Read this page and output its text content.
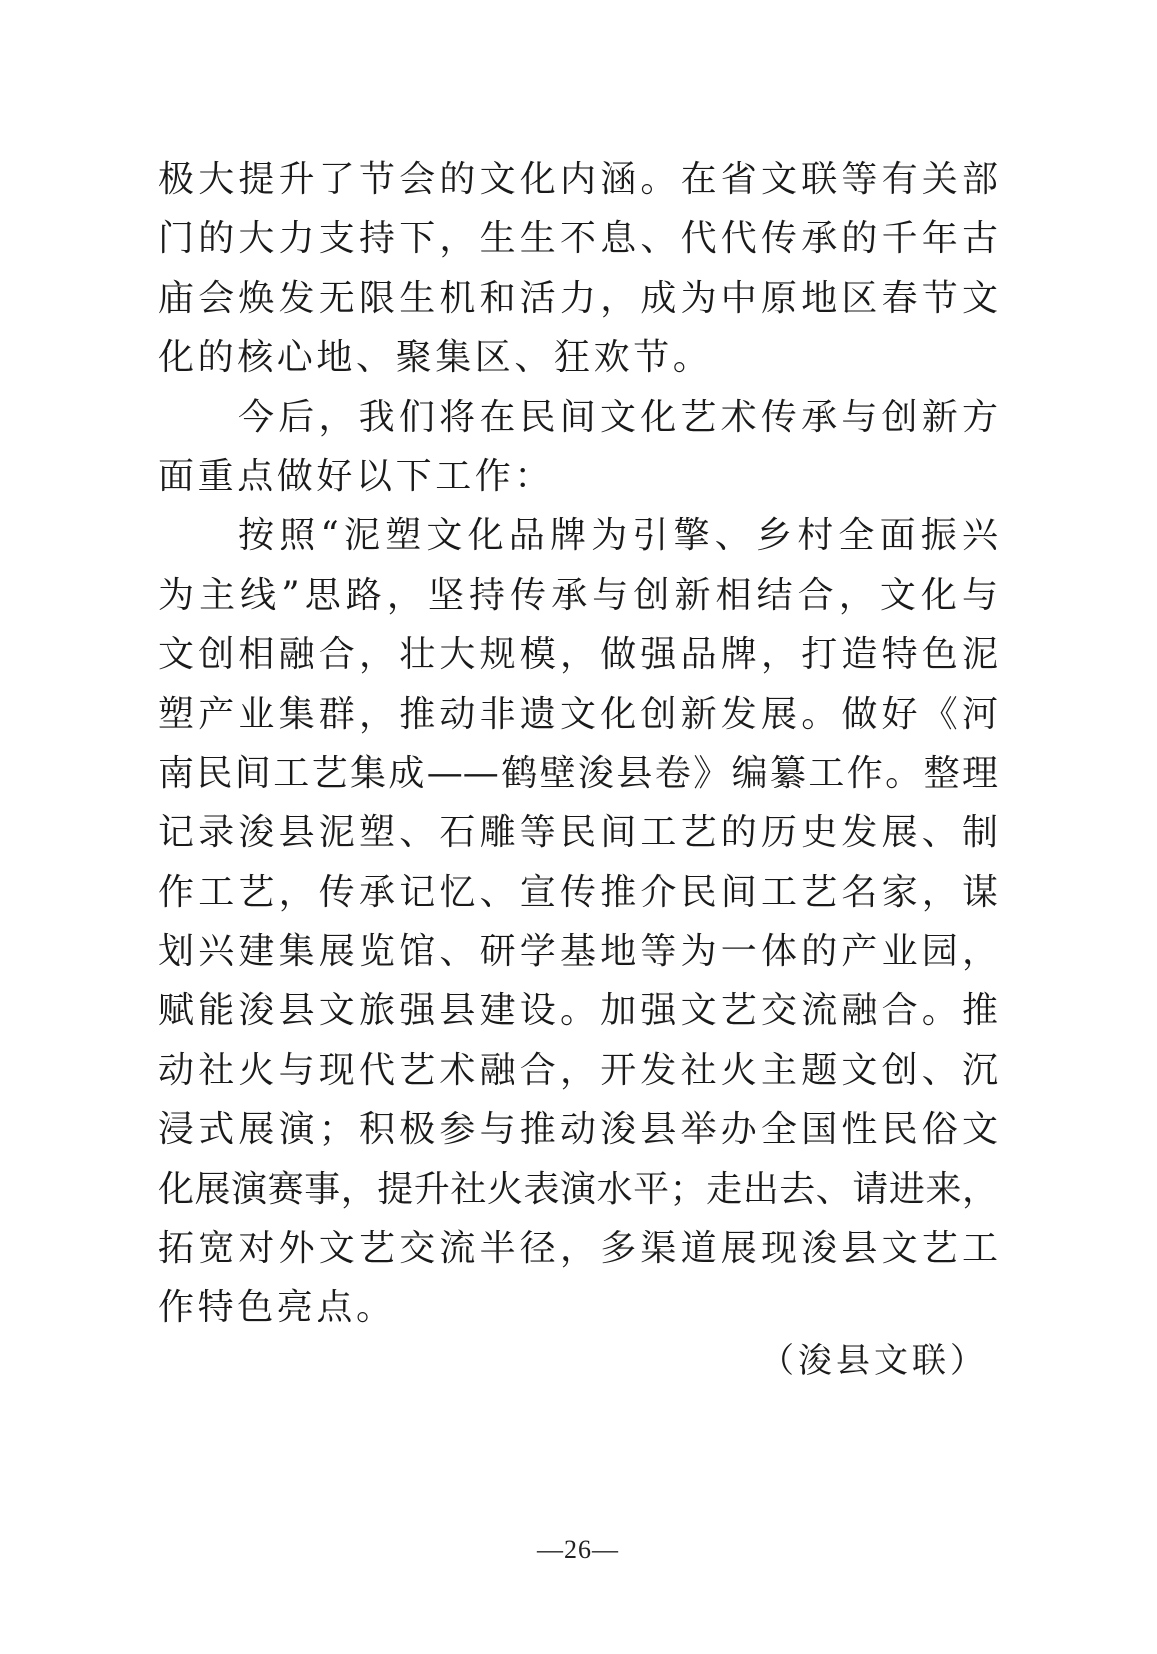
极大提升了节会的文化内涵。在省文联等有关部
门的大力支持下，生生不息、代代传承的千年古
庙会焕发无限生机和活力，成为中原地区春节文
化的核心地、聚集区、狂欢节。
今后，我们将在民间文化艺术传承与创新方
面重点做好以下工作：
按照“泥塑文化品牌为引擎、乡村全面振兴
为主线”思路，坚持传承与创新相结合，文化与
文创相融合，壮大规模，做强品牌，打造特色泥
塑产业集群，推动非遗文化创新发展。做好《河
南民间工艺集成——鹤壁浚县卷》编纂工作。整理
记录浚县泥塑、石雕等民间工艺的历史发展、制
作工艺，传承记忆、宣传推介民间工艺名家，谋
划兴建集展览馆、研学基地等为一体的产业园，
赋能浚县文旅强县建设。加强文艺交流融合。推
动社火与现代艺术融合，开发社火主题文创、沉
浸式展演；积极参与推动浚县举办全国性民俗文
化展演赛事，提升社火表演水平；走出去、请进来，
拓宽对外文艺交流半径，多渠道展现浚县文艺工
作特色亮点。
（浚县文联）
—26—
